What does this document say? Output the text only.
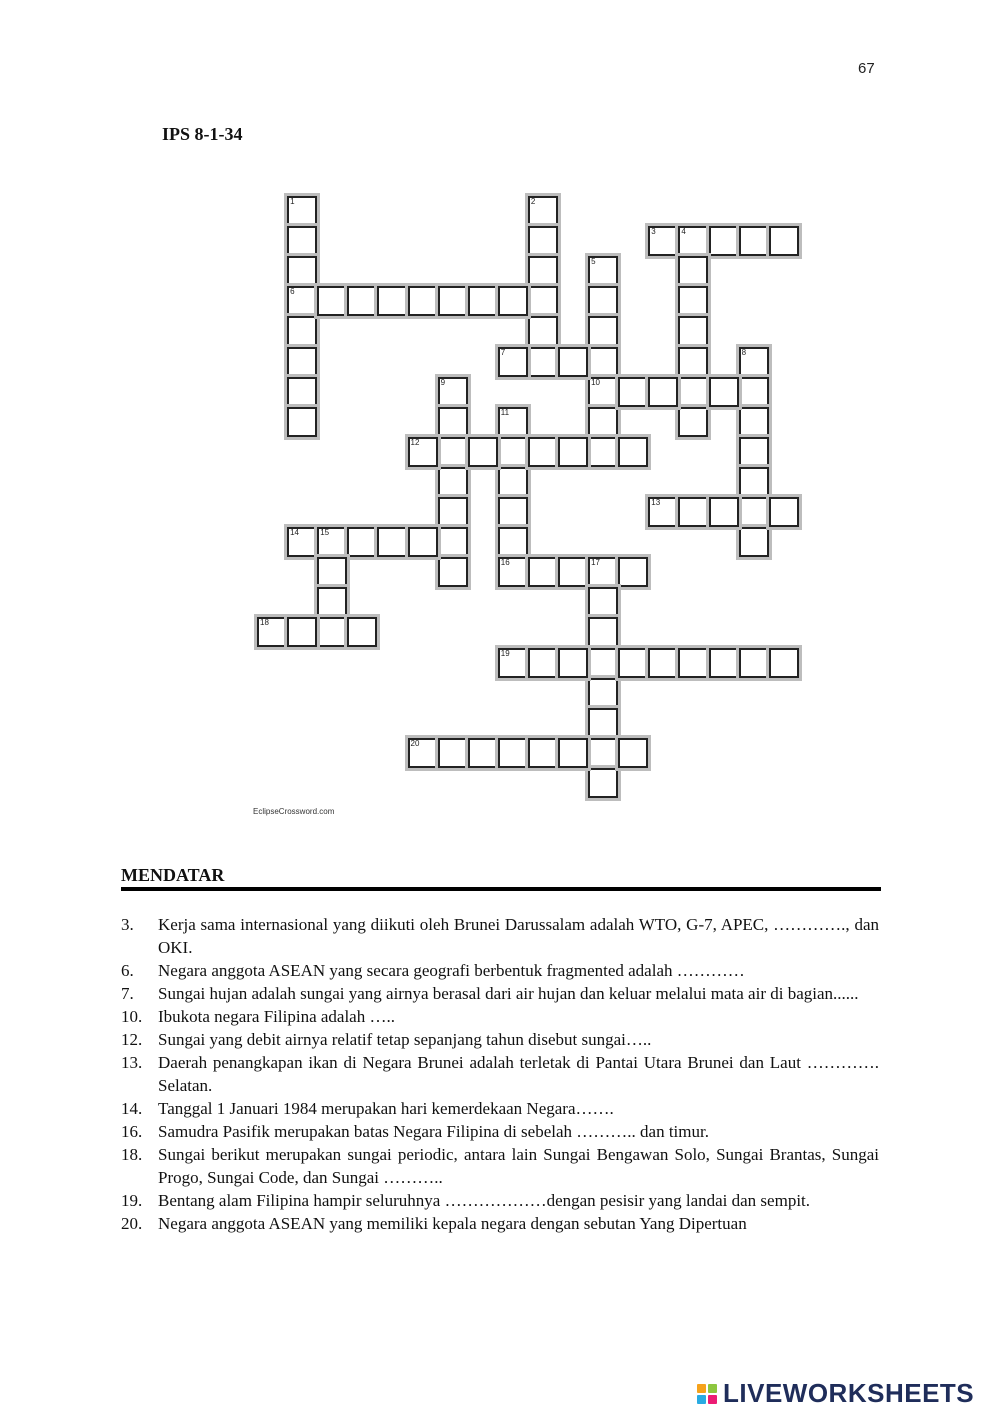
67
IPS 8-1-34
1
6
2
3	4
5
10
7	8
9
11
16
12
13
14	15
17
18
19
20
EclipseCrossword.com
MENDATAR
3.	Kerja sama internasional yang diikuti oleh Brunei Darussalam adalah WTO, G-7, APEC, …………., dan OKI.
6.	Negara anggota ASEAN yang secara geografi berbentuk fragmented adalah …………
7.	Sungai hujan adalah sungai yang airnya berasal dari air hujan dan keluar melalui mata air di bagian......
10. Ibukota negara Filipina adalah …..
12. Sungai yang debit airnya relatif tetap sepanjang tahun disebut sungai…..
13. Daerah penangkapan ikan di Negara Brunei adalah terletak di Pantai Utara Brunei dan Laut …………. Selatan.
14. Tanggal 1 Januari 1984 merupakan hari kemerdekaan Negara…….
16. Samudra Pasifik merupakan batas Negara Filipina di sebelah ……….. dan timur.
18. Sungai berikut merupakan sungai periodic, antara lain Sungai Bengawan Solo, Sungai Brantas, Sungai Progo, Sungai Code, dan Sungai ………..
19. Bentang alam Filipina hampir seluruhnya ………………dengan pesisir yang landai dan sempit.
20. Negara anggota ASEAN yang memiliki kepala negara dengan sebutan Yang Dipertuan
LIVEWORKSHEETS
